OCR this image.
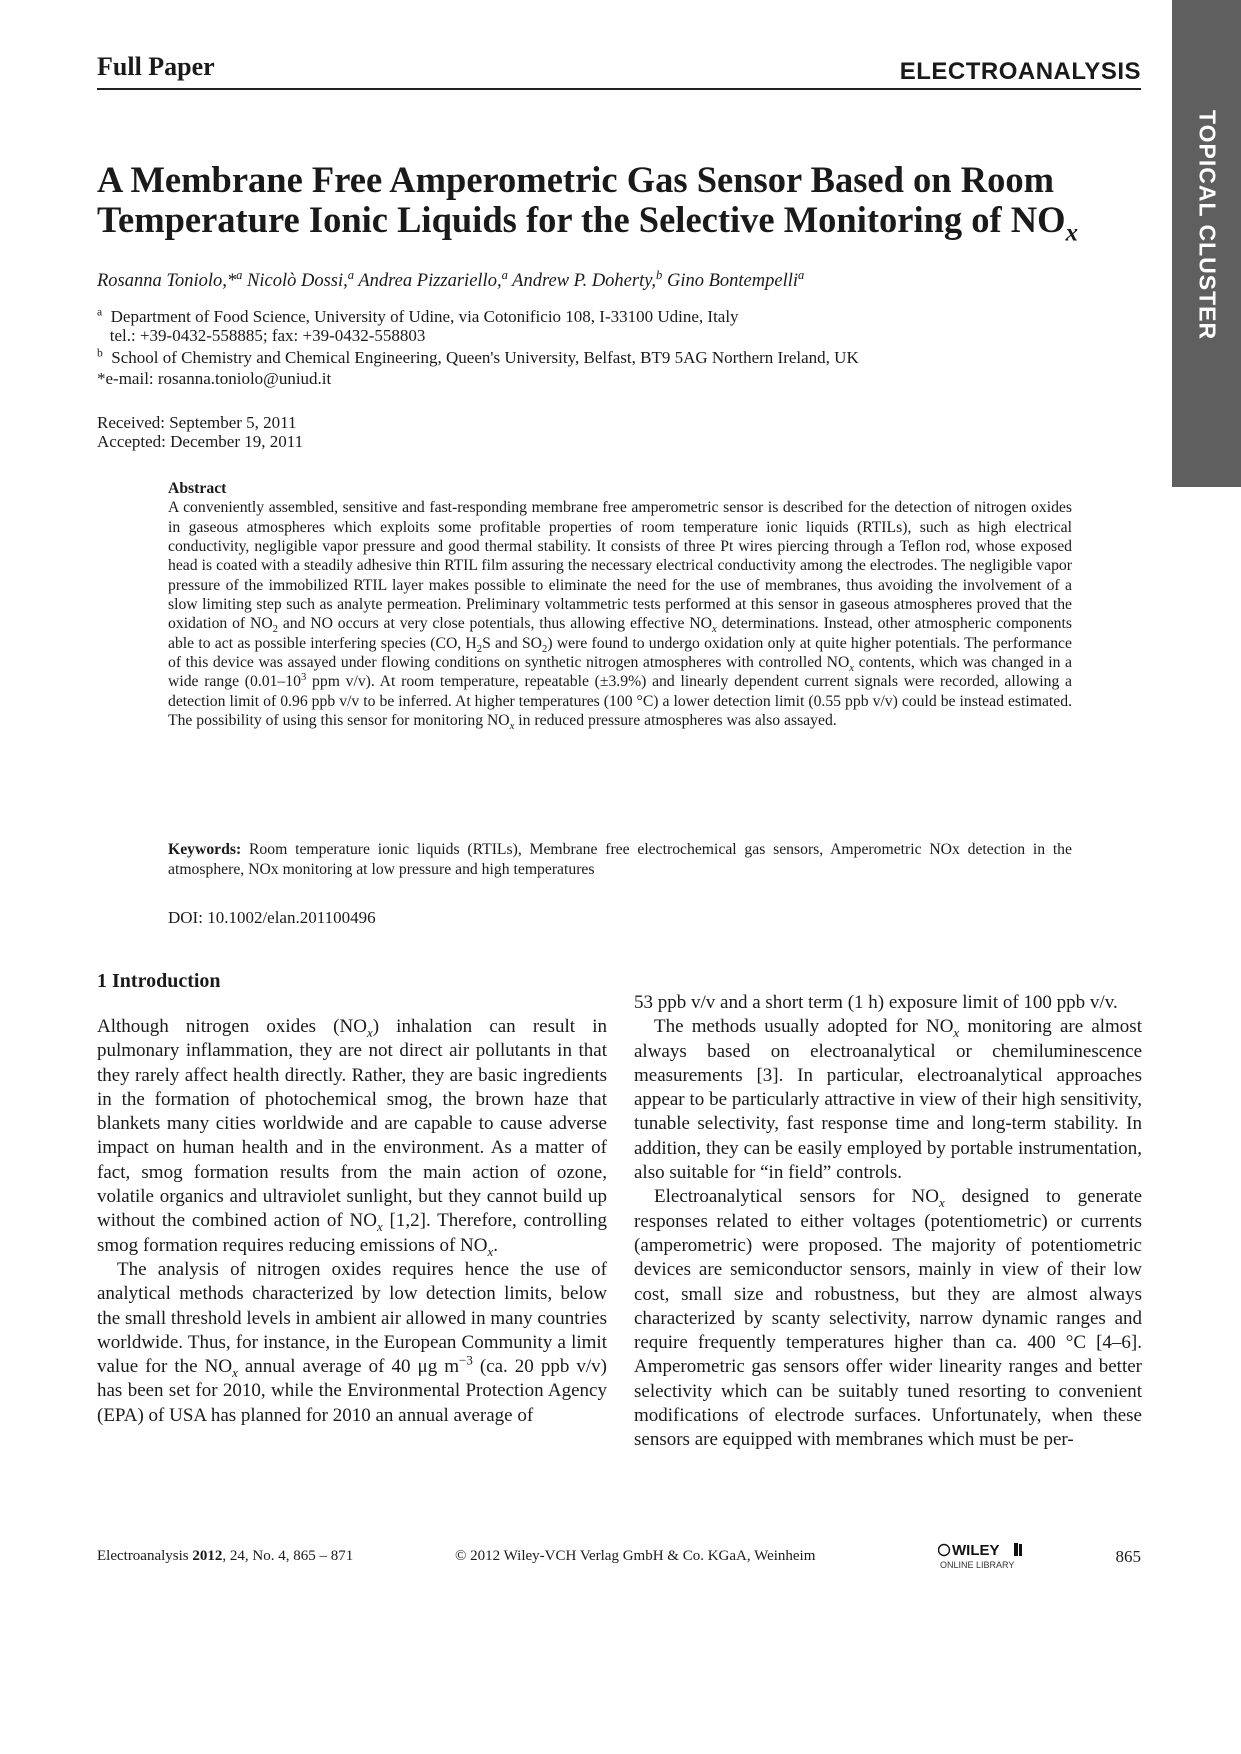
Full Paper	ELECTROANALYSIS
TOPICAL CLUSTER
A Membrane Free Amperometric Gas Sensor Based on Room Temperature Ionic Liquids for the Selective Monitoring of $NO_x$
Rosanna Toniolo,*$^a$ Nicolò Dossi,$^a$ Andrea Pizzariello,$^a$ Andrew P. Doherty,$^b$ Gino Bontempelli$^a$
$^a$  Department of Food Science, University of Udine, via Cotonificio 108, I-33100 Udine, Italy
tel.: +39-0432-558885; fax: +39-0432-558803
$^b$  School of Chemistry and Chemical Engineering, Queen's University, Belfast, BT9 5AG Northern Ireland, UK
*e-mail: rosanna.toniolo@uniud.it
Received: September 5, 2011
Accepted: December 19, 2011
Abstract
A conveniently assembled, sensitive and fast-responding membrane free amperometric sensor is described for the detection of nitrogen oxides in gaseous atmospheres which exploits some profitable properties of room temperature ionic liquids (RTILs), such as high electrical conductivity, negligible vapor pressure and good thermal stability. It consists of three Pt wires piercing through a Teflon rod, whose exposed head is coated with a steadily adhesive thin RTIL film assuring the necessary electrical conductivity among the electrodes. The negligible vapor pressure of the immobilized RTIL layer makes possible to eliminate the need for the use of membranes, thus avoiding the involvement of a slow limiting step such as analyte permeation. Preliminary voltammetric tests performed at this sensor in gaseous atmospheres proved that the oxidation of $NO_2$ and NO occurs at very close potentials, thus allowing effective $NO_x$ determinations. Instead, other atmospheric components able to act as possible interfering species (CO, $H_2S$ and $SO_2$) were found to undergo oxidation only at quite higher potentials. The performance of this device was assayed under flowing conditions on synthetic nitrogen atmospheres with controlled $NO_x$ contents, which was changed in a wide range ($0.01-10^3$ ppm v/v). At room temperature, repeatable (±3.9%) and linearly dependent current signals were recorded, allowing a detection limit of 0.96 ppb v/v to be inferred. At higher temperatures (100 °C) a lower detection limit (0.55 ppb v/v) could be instead estimated. The possibility of using this sensor for monitoring $NO_x$ in reduced pressure atmospheres was also assayed.
Keywords: Room temperature ionic liquids (RTILs), Membrane free electrochemical gas sensors, Amperometric NOx detection in the atmosphere, NOx monitoring at low pressure and high temperatures
DOI: 10.1002/elan.201100496
1 Introduction

Although nitrogen oxides $(NO_x)$ inhalation can result in pulmonary inflammation, they are not direct air pollutants in that they rarely affect health directly. Rather, they are basic ingredients in the formation of photochemical smog, the brown haze that blankets many cities worldwide and are capable to cause adverse impact on human health and in the environment. As a matter of fact, smog formation results from the main action of ozone, volatile organics and ultraviolet sunlight, but they cannot build up without the combined action of $NO_x$ [1,2]. Therefore, controlling smog formation requires reducing emissions of $NO_x$.

The analysis of nitrogen oxides requires hence the use of analytical methods characterized by low detection limits, below the small threshold levels in ambient air allowed in many countries worldwide. Thus, for instance, in the European Community a limit value for the $NO_x$ annual average of 40 μg $m^{-3}$ (ca. 20 ppb v/v) has been set for 2010, while the Environmental Protection Agency (EPA) of USA has planned for 2010 an annual average of

53 ppb v/v and a short term (1 h) exposure limit of 100 ppb v/v.

The methods usually adopted for $NO_x$ monitoring are almost always based on electroanalytical or chemiluminescence measurements [3]. In particular, electroanalytical approaches appear to be particularly attractive in view of their high sensitivity, tunable selectivity, fast response time and long-term stability. In addition, they can be easily employed by portable instrumentation, also suitable for “in field” controls.

Electroanalytical sensors for $NO_x$ designed to generate responses related to either voltages (potentiometric) or currents (amperometric) were proposed. The majority of potentiometric devices are semiconductor sensors, mainly in view of their low cost, small size and robustness, but they are almost always characterized by scanty selectivity, narrow dynamic ranges and require frequently temperatures higher than ca. 400 °C [4–6]. Amperometric gas sensors offer wider linearity ranges and better selectivity which can be suitably tuned resorting to convenient modifications of electrode surfaces. Unfortunately, when these sensors are equipped with membranes which must be per-

Electroanalysis 2012, 24, No. 4, 865 – 871	© 2012 Wiley-VCH Verlag GmbH & Co. KGaA, Weinheim	WILEY
ONLINE LIBRARY	865
